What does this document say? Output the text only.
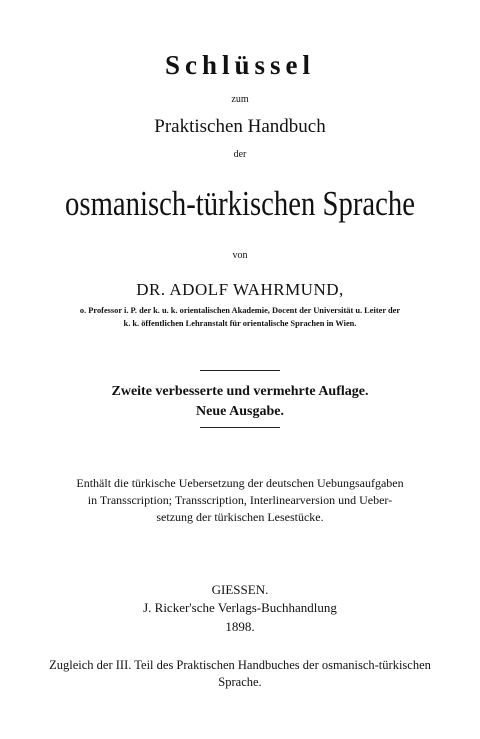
Schlüssel
zum
Praktischen Handbuch
der
osmanisch-türkischen Sprache
von
DR. ADOLF WAHRMUND,
o. Professor i. P. der k. u. k. orientalischen Akademie, Docent der Universität u. Leiter der
k. k. öffentlichen Lehranstalt für orientalische Sprachen in Wien.
Zweite verbesserte und vermehrte Auflage.
Neue Ausgabe.
Enthält die türkische Uebersetzung der deutschen Uebungsaufgaben
in Transscription; Transscription, Interlinearversion und Ueber-
setzung der türkischen Lesestücke.
GIESSEN.
J. Ricker'sche Verlags-Buchhandlung
1898.
Zugleich der III. Teil des Praktischen Handbuches der osmanisch-türkischen
Sprache.
